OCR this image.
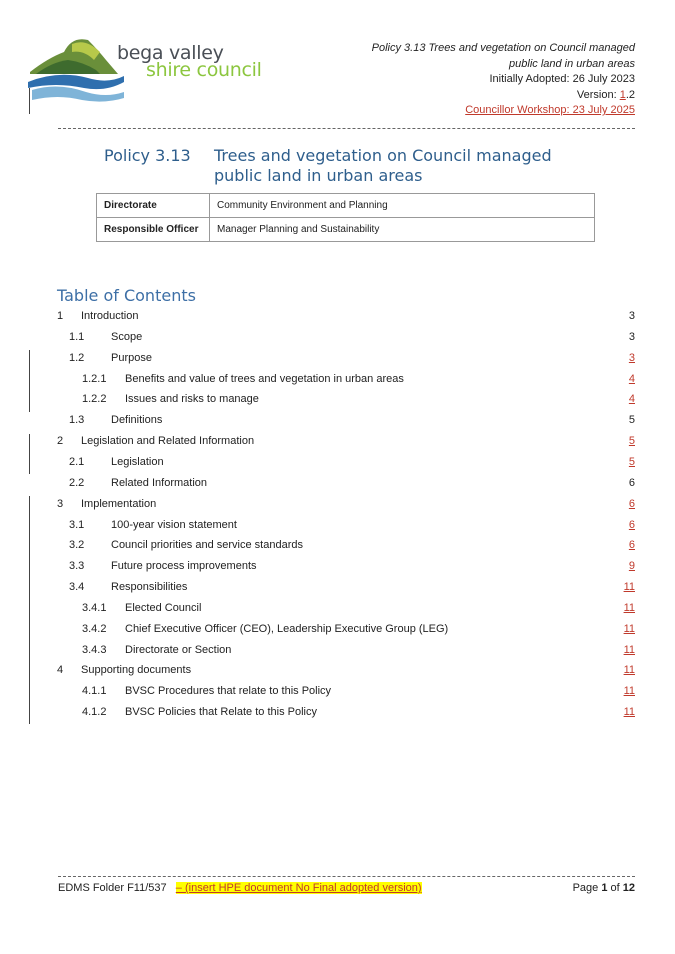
bega valley
shire council
Policy 3.13 Trees and vegetation on Council managed
public land in urban areas
Initially Adopted: 26 July 2023
Version: 1.2
Councillor Workshop: 23 July 2025
Policy 3.13 Trees and vegetation on Council managed public land in urban areas
Directorate	Community Environment and Planning
Responsible Officer	Manager Planning and Sustainability
Table of Contents
1 Introduction	3
1.1 Scope	3
1.2 Purpose	3
1.2.1 Benefits and value of trees and vegetation in urban areas	4
1.2.2 Issues and risks to manage	4
1.3 Definitions	5
2 Legislation and Related Information	5
2.1 Legislation	5
2.2 Related Information	6
3 Implementation	6
3.1 100-year vision statement	6
3.2 Council priorities and service standards	6
3.3 Future process improvements	9
3.4 Responsibilities	11
3.4.1 Elected Council	11
3.4.2 Chief Executive Officer (CEO), Leadership Executive Group (LEG)	11
3.4.3 Directorate or Section	11
4 Supporting documents	11
4.1.1 BVSC Procedures that relate to this Policy	11
4.1.2 BVSC Policies that Relate to this Policy	11
EDMS Folder F11/537 – (insert HPE document No Final adopted version)	Page 1 of 12
